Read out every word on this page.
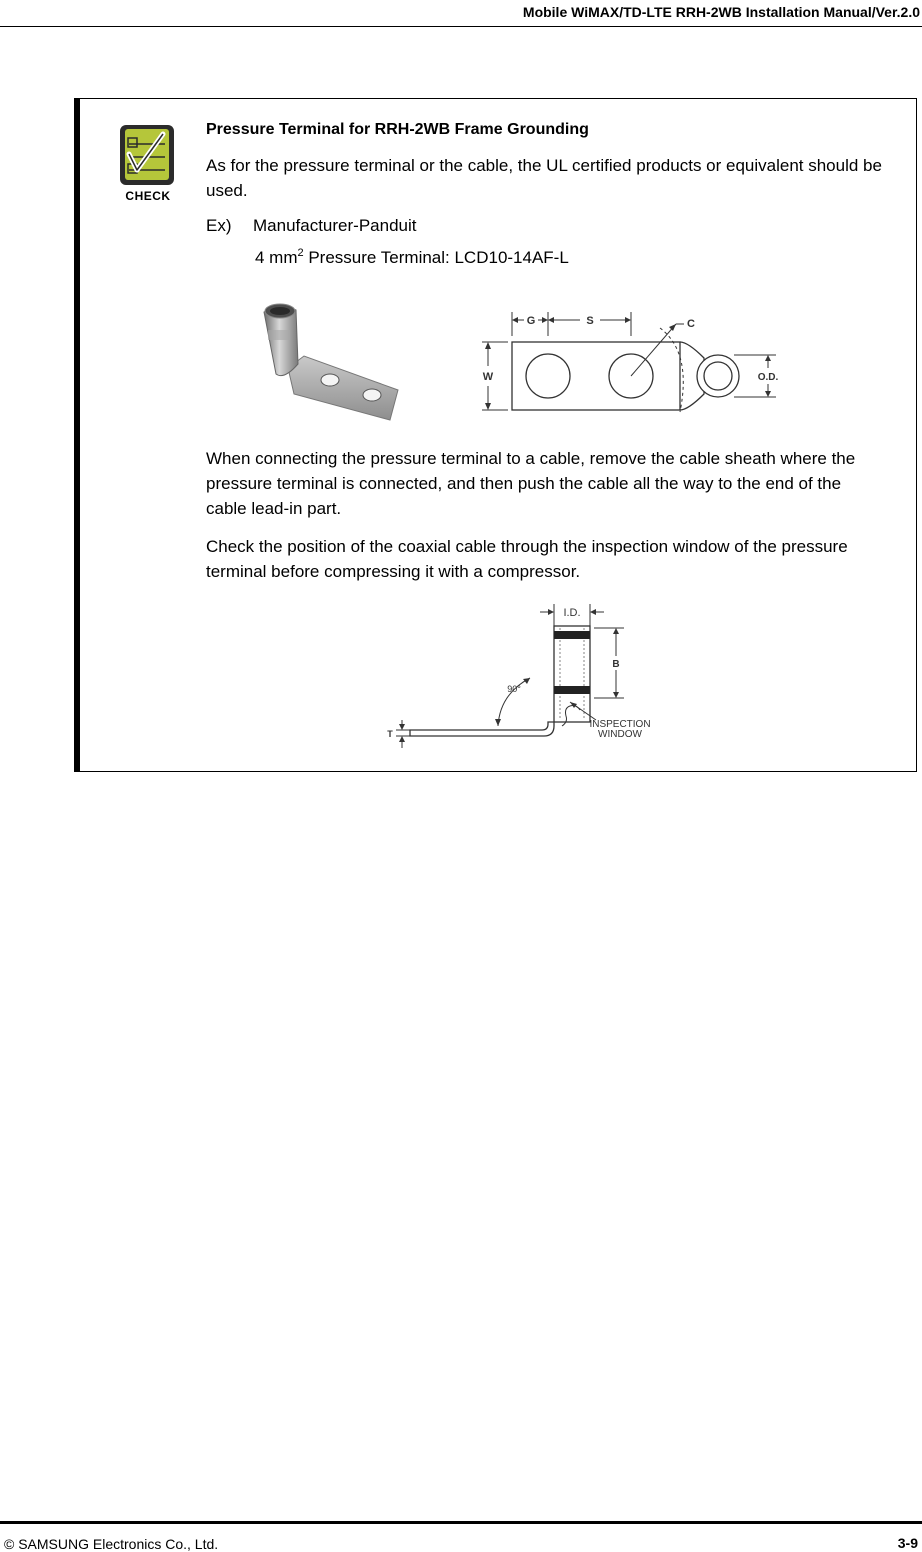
Mobile WiMAX/TD-LTE RRH-2WB Installation Manual/Ver.2.0
CHECK
Pressure Terminal for RRH-2WB Frame Grounding
As for the pressure terminal or the cable, the UL certified products or equivalent should be used.
Ex) Manufacturer-Panduit
4 $mm^2$ Pressure Terminal: LCD10-14AF-L
G	S	C
W	O.D.
When connecting the pressure terminal to a cable, remove the cable sheath where the pressure terminal is connected, and then push the cable all the way to the end of the cable lead-in part.
Check the position of the coaxial cable through the inspection window of the pressure terminal before compressing it with a compressor.
I.D.
B
90°
T
INSPECTION
WINDOW
© SAMSUNG Electronics Co., Ltd.	3-9
